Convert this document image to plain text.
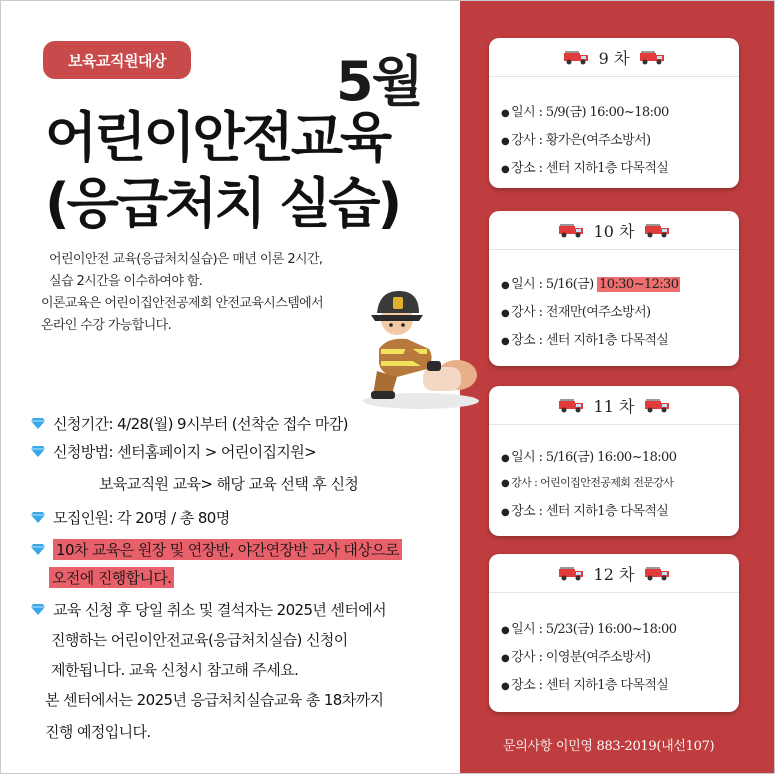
보육교직원대상	5월
어린이안전교육
(응급처치 실습)
어린이안전 교육(응급처치실습)은 매년 이론 2시간,
실습 2시간을 이수하여야 함.
이론교육은 어린이집안전공제회 안전교육시스템에서
온라인 수강 가능합니다.
신청기간: 4/28(월) 9시부터 (선착순 접수 마감)
신청방법: 센터홈페이지 > 어린이집지원>
보육교직원 교육> 해당 교육 선택 후 신청
모집인원: 각 20명 / 총 80명
10차 교육은 원장 및 연장반, 야간연장반 교사 대상으로
오전에 진행합니다.
교육 신청 후 당일 취소 및 결석자는 2025년 센터에서
진행하는 어린이안전교육(응급처치실습) 신청이
제한됩니다. 교육 신청시 참고해 주세요.
본 센터에서는 2025년 응급처치실습교육 총 18차까지
진행 예정입니다.
9 차
● 일시 : 5/9(금) 16:00~18:00
● 강사 : 황가은(여주소방서)
● 장소 : 센터 지하1층 다목적실
10 차
● 일시 : 5/16(금) 10:30~12:30
● 강사 : 전재만(여주소방서)
● 장소 : 센터 지하1층 다목적실
11 차
● 일시 : 5/16(금) 16:00~18:00
● 강사 : 어린이집안전공제회 전문강사
● 장소 : 센터 지하1층 다목적실
12 차
● 일시 : 5/23(금) 16:00~18:00
● 강사 : 이영분(여주소방서)
● 장소 : 센터 지하1층 다목적실
문의사항 이민영 883-2019(내선107)
